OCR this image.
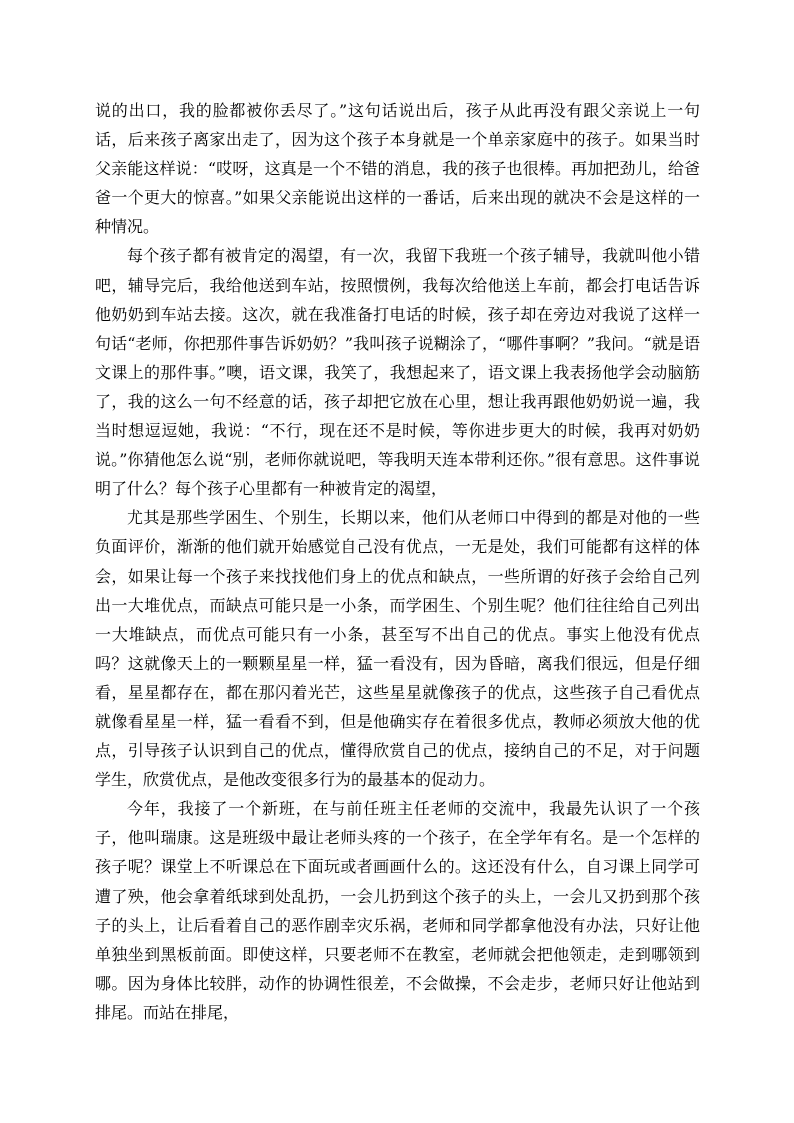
说的出口，我的脸都被你丢尽了。”这句话说出后，孩子从此再没有跟父亲说上一句话，后来孩子离家出走了，因为这个孩子本身就是一个单亲家庭中的孩子。如果当时父亲能这样说：“哎呀，这真是一个不错的消息，我的孩子也很棒。再加把劲儿，给爸爸一个更大的惊喜。”如果父亲能说出这样的一番话，后来出现的就决不会是这样的一种情况。

每个孩子都有被肯定的渴望，有一次，我留下我班一个孩子辅导，我就叫他小错吧，辅导完后，我给他送到车站，按照惯例，我每次给他送上车前，都会打电话告诉他奶奶到车站去接。这次，就在我准备打电话的时候，孩子却在旁边对我说了这样一句话“老师，你把那件事告诉奶奶？”我叫孩子说糊涂了，“哪件事啊？”我问。“就是语文课上的那件事。”噢，语文课，我笑了，我想起来了，语文课上我表扬他学会动脑筋了，我的这么一句不经意的话，孩子却把它放在心里，想让我再跟他奶奶说一遍，我当时想逗逗她，我说：“不行，现在还不是时候，等你进步更大的时候，我再对奶奶说。”你猜他怎么说“别，老师你就说吧，等我明天连本带利还你。”很有意思。这件事说明了什么？每个孩子心里都有一种被肯定的渴望，

尤其是那些学困生、个别生，长期以来，他们从老师口中得到的都是对他的一些负面评价，渐渐的他们就开始感觉自己没有优点，一无是处，我们可能都有这样的体会，如果让每一个孩子来找找他们身上的优点和缺点，一些所谓的好孩子会给自己列出一大堆优点，而缺点可能只是一小条，而学困生、个别生呢？他们往往给自己列出一大堆缺点，而优点可能只有一小条，甚至写不出自己的优点。事实上他没有优点吗？这就像天上的一颗颗星星一样，猛一看没有，因为昏暗，离我们很远，但是仔细看，星星都存在，都在那闪着光芒，这些星星就像孩子的优点，这些孩子自己看优点就像看星星一样，猛一看看不到，但是他确实存在着很多优点，教师必须放大他的优点，引导孩子认识到自己的优点，懂得欣赏自己的优点，接纳自己的不足，对于问题学生，欣赏优点，是他改变很多行为的最基本的促动力。

今年，我接了一个新班，在与前任班主任老师的交流中，我最先认识了一个孩子，他叫瑞康。这是班级中最让老师头疼的一个孩子，在全学年有名。是一个怎样的孩子呢？课堂上不听课总在下面玩或者画画什么的。这还没有什么，自习课上同学可遭了殃，他会拿着纸球到处乱扔，一会儿扔到这个孩子的头上，一会儿又扔到那个孩子的头上，让后看着自己的恶作剧幸灾乐祸，老师和同学都拿他没有办法，只好让他单独坐到黑板前面。即使这样，只要老师不在教室，老师就会把他领走，走到哪领到哪。因为身体比较胖，动作的协调性很差，不会做操，不会走步，老师只好让他站到排尾。而站在排尾，
